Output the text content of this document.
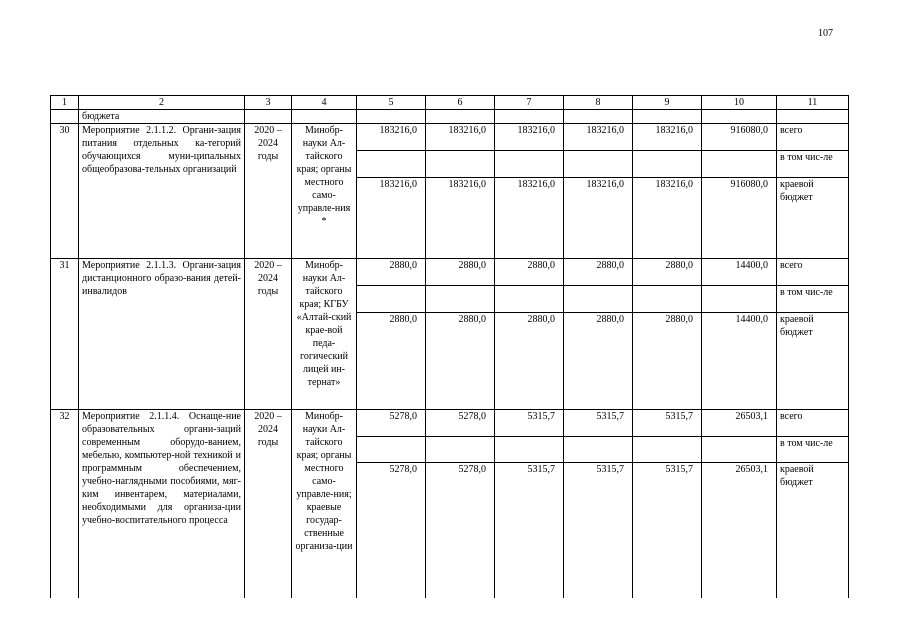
107
1	2	3	4	5	6	7	8	9	10	11
	бюджета									
30	Мероприятие 2.1.1.2. Органи-зация питания отдельных ка-тегорий обучающихся муни-ципальных общеобразова-тельных организаций	2020 – 2024 годы	Минобр-науки Ал-тайского края; органы местного само-управле-ния *	183216,0	183216,0	183216,0	183216,0	183216,0	916080,0	всего
										в том чис-ле
				183216,0	183216,0	183216,0	183216,0	183216,0	916080,0	краевой бюджет
31	Мероприятие 2.1.1.3. Органи-зация дистанционного образо-вания детей-инвалидов	2020 – 2024 годы	Минобр-науки Ал-тайского края; КГБУ «Алтай-ский крае-вой педа-гогический лицей ин-тернат»	2880,0	2880,0	2880,0	2880,0	2880,0	14400,0	всего
										в том чис-ле
				2880,0	2880,0	2880,0	2880,0	2880,0	14400,0	краевой бюджет
32	Мероприятие 2.1.1.4. Оснаще-ние образовательных органи-заций современным оборудо-ванием, мебелью, компьютер-ной техникой и программным обеспечением, учебно-наглядными пособиями, мяг-ким инвентарем, материалами, необходимыми для организа-ции учебно-воспитательного процесса	2020 – 2024 годы	Минобр-науки Ал-тайского края; органы местного само-управле-ния; краевые государ-ственные организа-ции	5278,0	5278,0	5315,7	5315,7	5315,7	26503,1	всего
										в том чис-ле
				5278,0	5278,0	5315,7	5315,7	5315,7	26503,1	краевой бюджет
